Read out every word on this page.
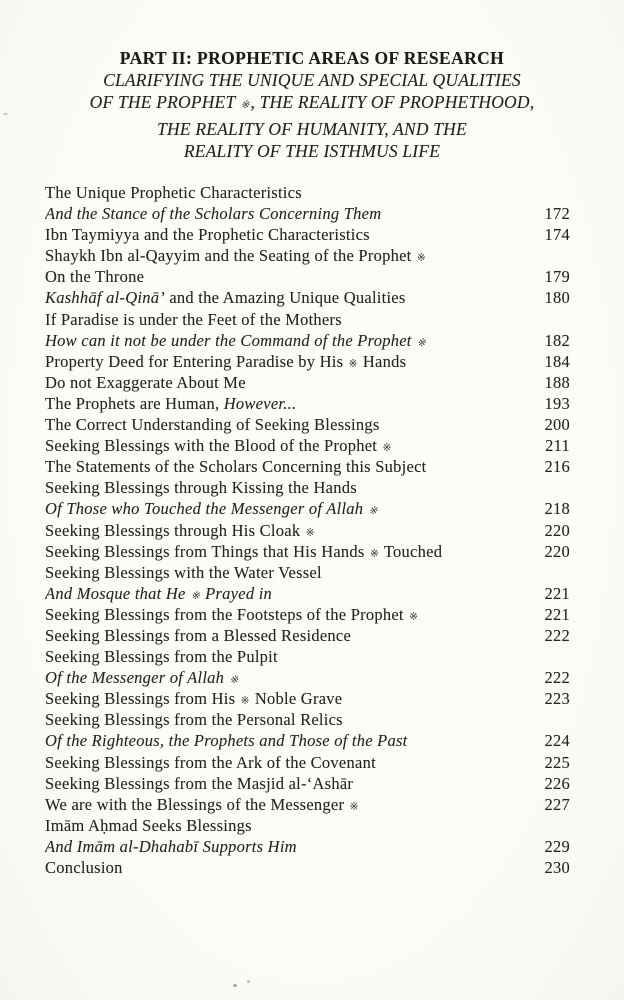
PART II: PROPHETIC AREAS OF RESEARCH
CLARIFYING THE UNIQUE AND SPECIAL QUALITIES
OF THE PROPHET ※, THE REALITY OF PROPHETHOOD,
THE REALITY OF HUMANITY, AND THE
REALITY OF THE ISTHMUS LIFE
The Unique Prophetic Characteristics
And the Stance of the Scholars Concerning Them	172
Ibn Taymiyya and the Prophetic Characteristics	174
Shaykh Ibn al-Qayyim and the Seating of the Prophet ※
On the Throne	179
Kashhāf al-Qinā’ and the Amazing Unique Qualities	180
If Paradise is under the Feet of the Mothers
How can it not be under the Command of the Prophet ※	182
Property Deed for Entering Paradise by His ※ Hands	184
Do not Exaggerate About Me	188
The Prophets are Human, However...	193
The Correct Understanding of Seeking Blessings	200
Seeking Blessings with the Blood of the Prophet ※	211
The Statements of the Scholars Concerning this Subject	216
Seeking Blessings through Kissing the Hands
Of Those who Touched the Messenger of Allah ※	218
Seeking Blessings through His Cloak ※	220
Seeking Blessings from Things that His Hands ※ Touched	220
Seeking Blessings with the Water Vessel
And Mosque that He ※ Prayed in	221
Seeking Blessings from the Footsteps of the Prophet ※	221
Seeking Blessings from a Blessed Residence	222
Seeking Blessings from the Pulpit
Of the Messenger of Allah ※	222
Seeking Blessings from His ※ Noble Grave	223
Seeking Blessings from the Personal Relics
Of the Righteous, the Prophets and Those of the Past	224
Seeking Blessings from the Ark of the Covenant	225
Seeking Blessings from the Masjid al-‘Ashār	226
We are with the Blessings of the Messenger ※	227
Imām Aḥmad Seeks Blessings
And Imām al-Dhahabī Supports Him	229
Conclusion	230
